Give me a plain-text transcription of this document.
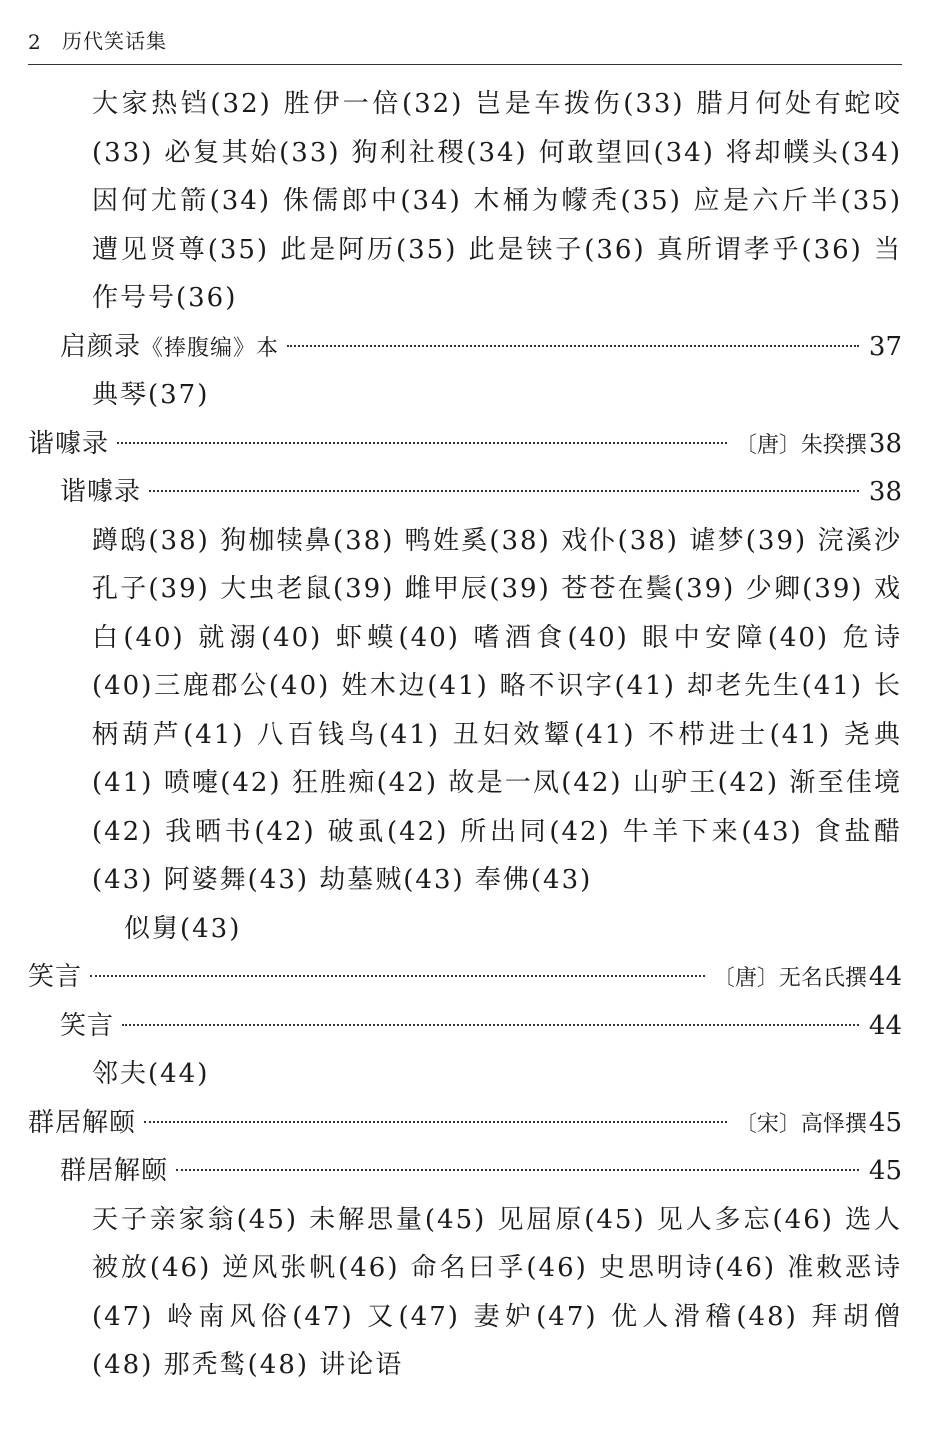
2 历代笑话集
大家热铛(32) 胜伊一倍(32) 岂是车拨伤(33) 腊月何处有蛇咬(33) 必复其始(33) 狗利社稷(34) 何敢望回(34) 将却幞头(34) 因何尤箭(34) 侏儒郎中(34) 木桶为幪秃(35) 应是六斤半(35) 遭见贤尊(35) 此是阿历(35) 此是铗子(36) 真所谓孝乎(36) 当作号号(36)
启颜录《捧腹编》本	37
典琴(37)
谐噱录	〔唐〕朱揆撰 38
谐噱录	38
蹲鸱(38) 狗枷犊鼻(38) 鸭姓奚(38) 戏仆(38) 谑梦(39) 浣溪沙孔子(39) 大虫老鼠(39) 雌甲辰(39) 苍苍在鬓(39) 少卿(39) 戏白(40) 就溺(40) 虾蟆(40) 嗜酒食(40) 眼中安障(40) 危诗(40)三鹿郡公(40) 姓木边(41) 略不识字(41) 却老先生(41) 长柄葫芦(41) 八百钱鸟(41) 丑妇效颦(41) 不栉进士(41) 尧典(41) 喷嚏(42) 狂胜痴(42) 故是一凤(42) 山驴王(42) 渐至佳境(42) 我晒书(42) 破虱(42) 所出同(42) 牛羊下来(43) 食盐醋(43) 阿婆舞(43) 劫墓贼(43) 奉佛(43)
似舅(43)
笑言	〔唐〕无名氏撰 44
笑言	44
邻夫(44)
群居解颐	〔宋〕高怿撰 45
群居解颐	45
天子亲家翁(45) 未解思量(45) 见屈原(45) 见人多忘(46) 选人被放(46) 逆风张帆(46) 命名曰孚(46) 史思明诗(46) 准敕恶诗(47) 岭南风俗(47) 又(47) 妻妒(47) 优人滑稽(48) 拜胡僧(48) 那秃鹙(48) 讲论语
